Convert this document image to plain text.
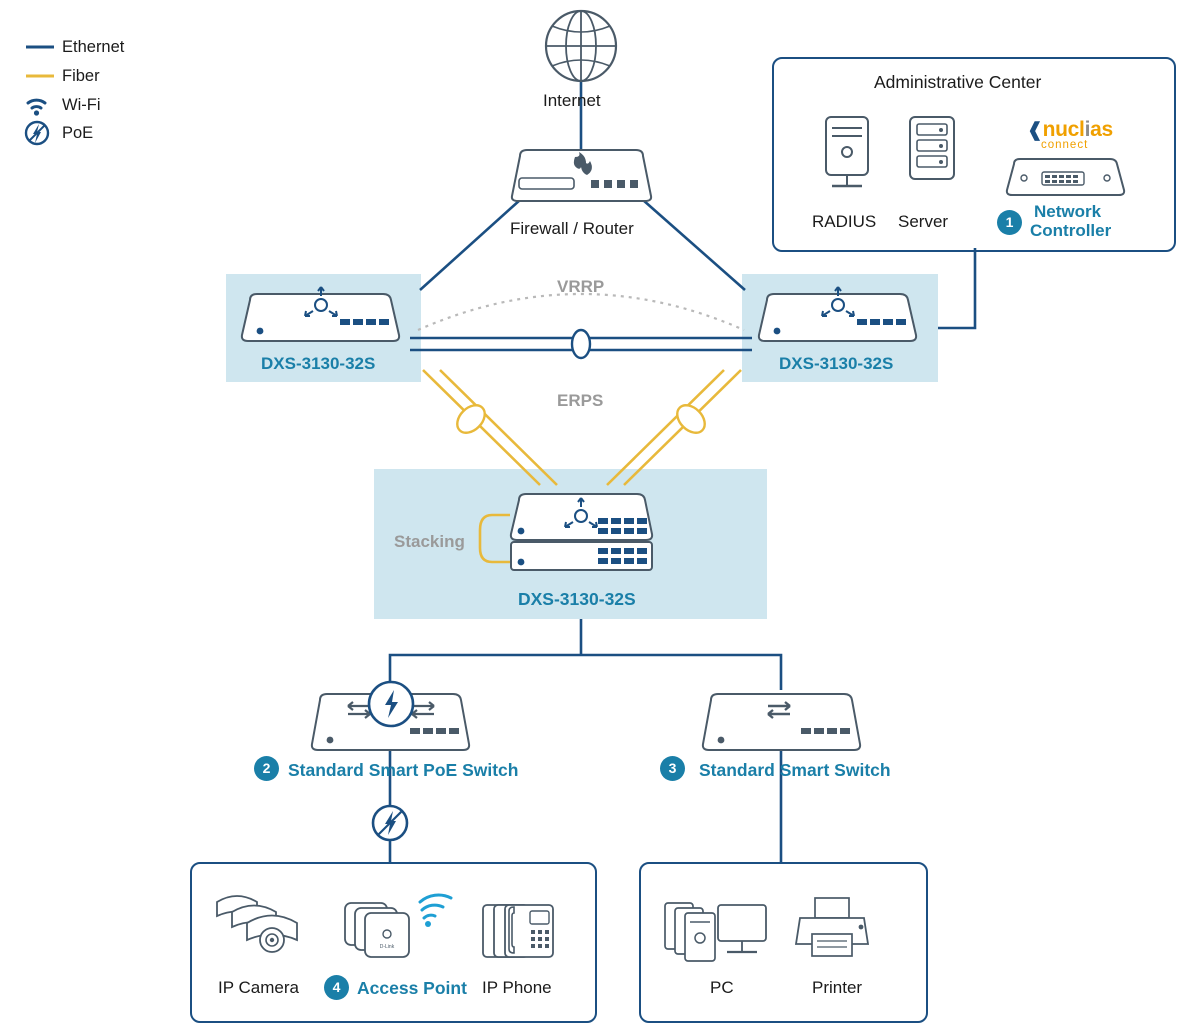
D-Link
Ethernet
Fiber
Wi-Fi
PoE
Internet
Firewall / Router
DXS-3130-32S	DXS-3130-32S
DXS-3130-32S
VRRP
ERPS
Stacking
Administrative Center
RADIUS Server
Network
Controller
❰nuclias
connect
Standard Smart PoE Switch	Standard Smart Switch
IP Camera	Access Point IP Phone	PC	Printer
1
2	3
4
